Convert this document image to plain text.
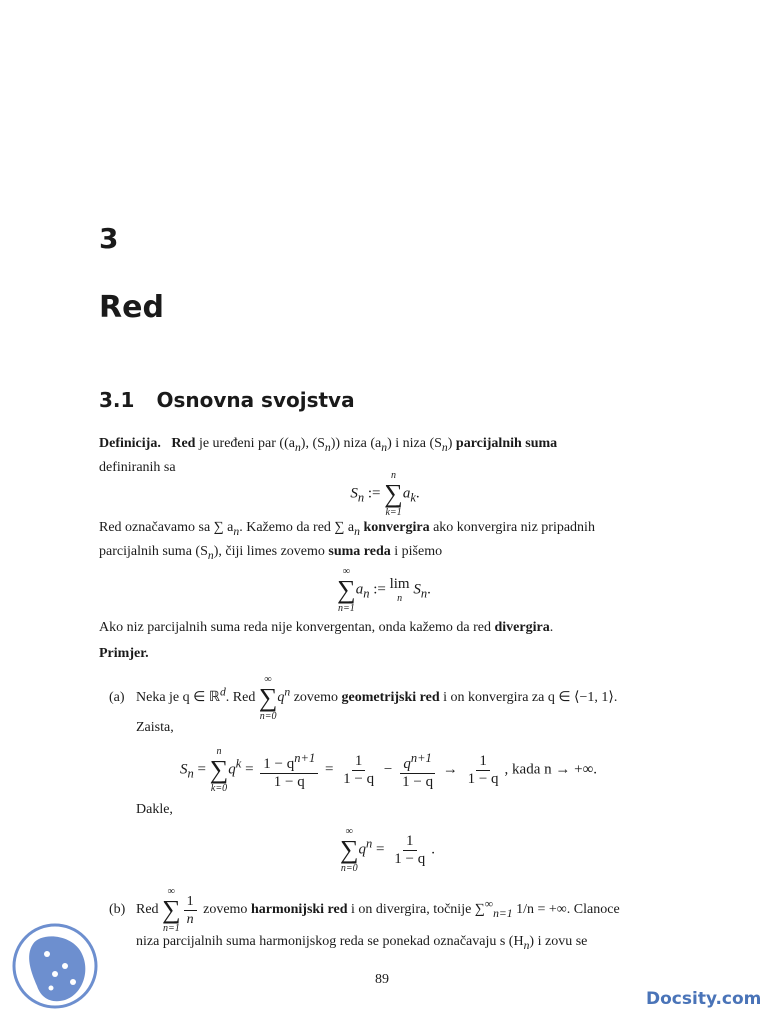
3
Red
3.1 Osnovna svojstva
Definicija. Red je uređeni par ($(a_n)$, $(S_n)$) niza $(a_n)$ i niza $(S_n)$ parcijalnih suma
definiranih sa
$S_n$ :=
n
∑
k=1
$a_k$.
Red označavamo sa ∑ $a_n$. Kažemo da red ∑ $a_n$ konvergira ako konvergira niz pripadnih
parcijalnih suma $(S_n)$, čiji limes zovemo suma reda i pišemo
∞
∑
n=1
$a_n$ := lim
n
$S_n$.
Ako niz parcijalnih suma reda nije konvergentan, onda kažemo da red divergira.
Primjer.
(a) Neka je q ∈ ℝ$^d$. Red
∞
∑
n=0
$q^n$ zovemo geometrijski red i on konvergira za q ∈ ⟨−1, 1⟩.
Zaista,
$S_n$ =
n
∑
k=0
$q^k = \frac{1 - q^{n+1}}{1 - q} = \frac{1}{1 - q} - \frac{q^{n+1}}{1 - q} \to \frac{1}{1 - q}$ , kada n → +∞.
Dakle,
∞
∑
n=0
$q^n = \frac{1}{1 - q}$ .
(b) Red
∞
∑
n=1
$\frac{1}{n}$ zovemo harmonijski red i on divergira, točnije $\sum^\infty_{n=1}$ 1/n = +∞. Clanoce
niza parcijalnih suma harmonijskog reda se ponekad označavaju s $(H_n)$ i zovu se
89
Docsity.com
